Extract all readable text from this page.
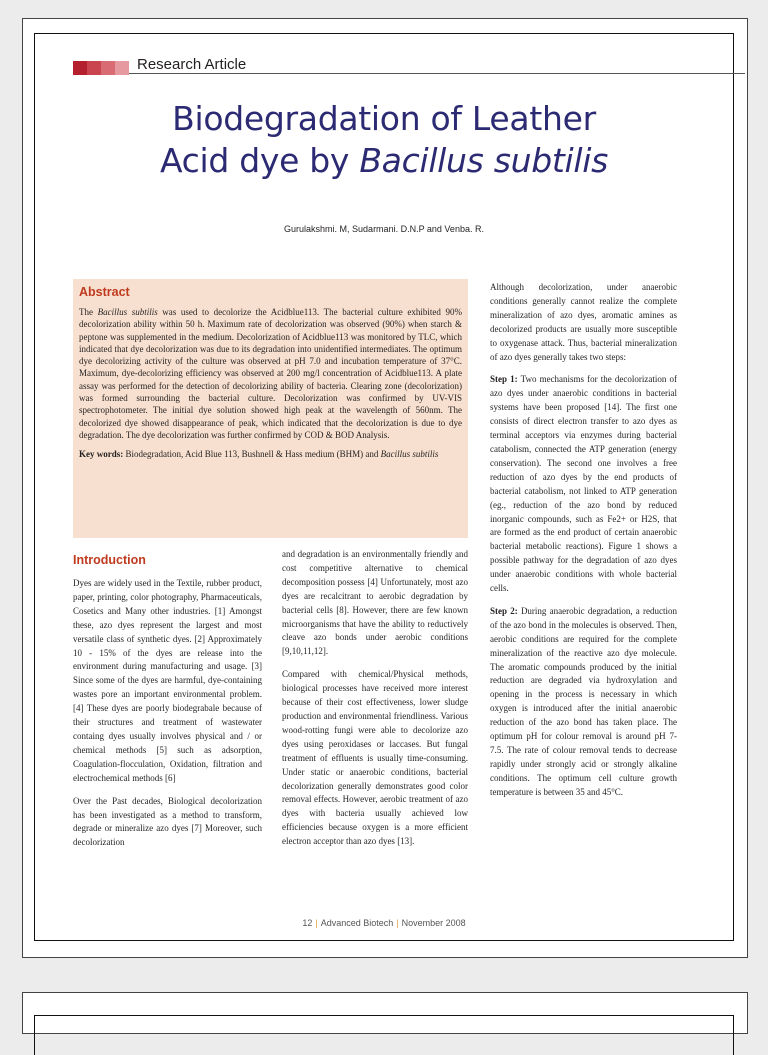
Research Article
Biodegradation of Leather
Acid dye by Bacillus subtilis
Gurulakshmi. M, Sudarmani. D.N.P and Venba. R.
Abstract

The Bacillus subtilis was used to decolorize the Acidblue113. The bacterial culture exhibited 90% decolorization ability within 50 h. Maximum rate of decolorization was observed (90%) when starch & peptone was supplemented in the medium. Decolorization of Acidblue113 was monitored by TLC, which indicated that dye decolorization was due to its degradation into unidentified intermediates. The optimum dye decolorizing activity of the culture was observed at pH 7.0 and incubation temperature of 37°C. Maximum, dye-decolorizing efficiency was observed at 200 mg/l concentration of Acidblue113. A plate assay was performed for the detection of decolorizing ability of bacteria. Clearing zone (decolorization) was formed surrounding the bacterial culture. Decolorization was confirmed by UV-VIS spectrophotometer. The initial dye solution showed high peak at the wavelength of 560nm. The decolorized dye showed disappearance of peak, which indicated that the decolorization is due to dye degradation. The dye decolorization was further confirmed by COD & BOD Analysis.

Key words: Biodegradation, Acid Blue 113, Bushnell & Hass medium (BHM) and Bacillus subtilis

Introduction

Dyes are widely used in the Textile, rubber product, paper, printing, color photography, Pharmaceuticals, Cosetics and Many other industries. [1] Amongst these, azo dyes represent the largest and most versatile class of synthetic dyes. [2] Approximately 10 - 15% of the dyes are release into the environment during manufacturing and usage. [3] Since some of the dyes are harmful, dye-containing wastes pore an important environmental problem. [4] These dyes are poorly biodegrabale because of their structures and treatment of wastewater containg dyes usually involves physical and / or chemical methods [5] such as adsorption, Coagulation-flocculation, Oxidation, filtration and electrochemical methods [6]

Over the Past decades, Biological decolorization has been investigated as a method to transform, degrade or mineralize azo dyes [7] Moreover, such decolorization

and degradation is an environmentally friendly and cost competitive alternative to chemical decomposition possess [4] Unfortunately, most azo dyes are recalcitrant to aerobic degradation by bacterial cells [8]. However, there are few known microorganisms that have the ability to reductively cleave azo bonds under aerobic conditions [9,10,11,12].

Compared with chemical/Physical methods, biological processes have received more interest because of their cost effectiveness, lower sludge production and environmental friendliness. Various wood-rotting fungi were able to decolorize azo dyes using peroxidases or laccases. But fungal treatment of effluents is usually time-consuming. Under static or anaerobic conditions, bacterial decolorization generally demonstrates good color removal effects. However, aerobic treatment of azo dyes with bacteria usually achieved low efficiencies because oxygen is a more efficient electron acceptor than azo dyes [13].

Although decolorization, under anaerobic conditions generally cannot realize the complete mineralization of azo dyes, aromatic amines as decolorized products are usually more susceptible to oxygenase attack. Thus, bacterial mineralization of azo dyes generally takes two steps:

Step 1: Two mechanisms for the decolorization of azo dyes under anaerobic conditions in bacterial systems have been proposed [14]. The first one consists of direct electron transfer to azo dyes as terminal acceptors via enzymes during bacterial catabolism, connected the ATP generation (energy conservation). The second one involves a free reduction of azo dyes by the end products of bacterial catabolism, not linked to ATP generation (eg., reduction of the azo bond by reduced inorganic compounds, such as Fe2+ or H2S, that are formed as the end product of certain anaerobic bacterial metabolic reactions). Figure 1 shows a possible pathway for the degradation of azo dyes under anaerobic conditions with whole bacterial cells.

Step 2: During anaerobic degradation, a reduction of the azo bond in the molecules is observed. Then, aerobic conditions are required for the complete mineralization of the reactive azo dye molecule. The aromatic compounds produced by the initial reduction are degraded via hydroxylation and opening in the process is necessary in which oxygen is introduced after the initial anaerobic reduction of the azo bond has taken place. The optimum pH for colour removal is around pH 7-7.5. The rate of colour removal tends to decrease rapidly under strongly acid or strongly alkaline conditions. The optimum cell culture growth temperature is between 35 and 45°C.

12 | Advanced Biotech | November 2008
